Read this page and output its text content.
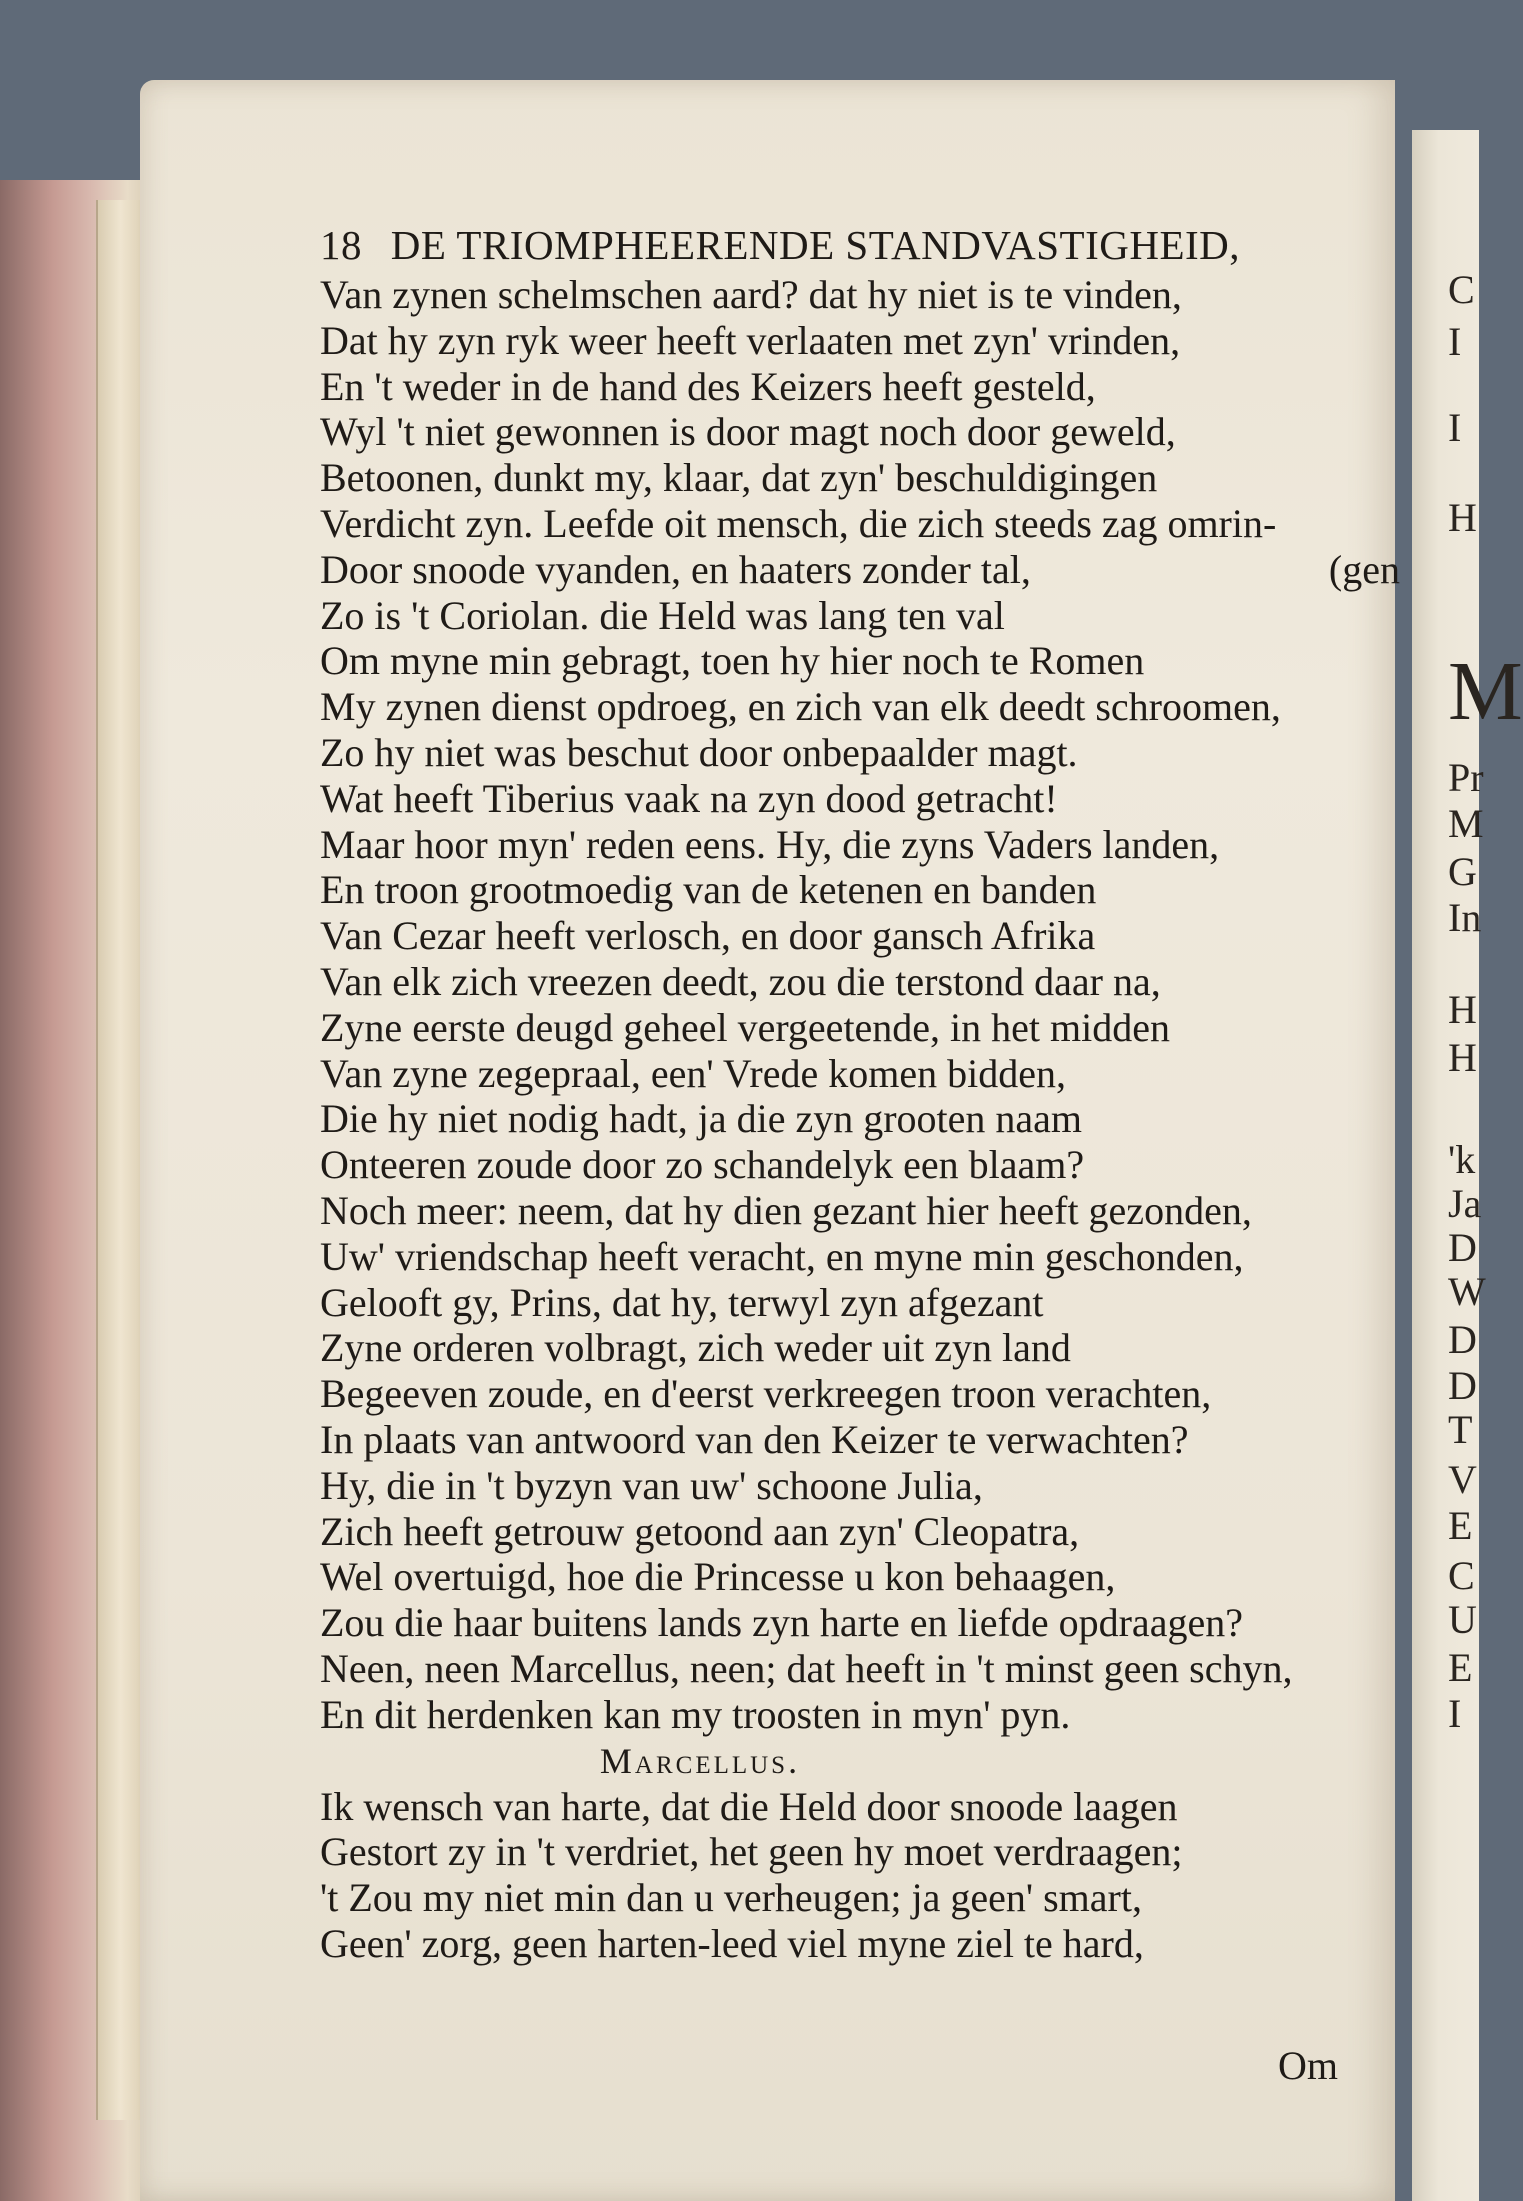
C
I
I
H
M
Pr
M
G
In
H
H
'k
Ja
D
W
D
D
T
V
E
C
U
E
I
18 DE TRIOMPHEERENDE STANDVASTIGHEID,
Van zynen schelmschen aard? dat hy niet is te vinden,
Dat hy zyn ryk weer heeft verlaaten met zyn' vrinden,
En 't weder in de hand des Keizers heeft gesteld,
Wyl 't niet gewonnen is door magt noch door geweld,
Betoonen, dunkt my, klaar, dat zyn' beschuldigingen
Verdicht zyn. Leefde oit mensch, die zich steeds zag omrin-
Door snoode vyanden, en haaters zonder tal,	(gen
Zo is 't Coriolan. die Held was lang ten val
Om myne min gebragt, toen hy hier noch te Romen
My zynen dienst opdroeg, en zich van elk deedt schroomen,
Zo hy niet was beschut door onbepaalder magt.
Wat heeft Tiberius vaak na zyn dood getracht!
Maar hoor myn' reden eens. Hy, die zyns Vaders landen,
En troon grootmoedig van de ketenen en banden
Van Cezar heeft verlosch, en door gansch Afrika
Van elk zich vreezen deedt, zou die terstond daar na,
Zyne eerste deugd geheel vergeetende, in het midden
Van zyne zegepraal, een' Vrede komen bidden,
Die hy niet nodig hadt, ja die zyn grooten naam
Onteeren zoude door zo schandelyk een blaam?
Noch meer: neem, dat hy dien gezant hier heeft gezonden,
Uw' vriendschap heeft veracht, en myne min geschonden,
Gelooft gy, Prins, dat hy, terwyl zyn afgezant
Zyne orderen volbragt, zich weder uit zyn land
Begeeven zoude, en d'eerst verkreegen troon verachten,
In plaats van antwoord van den Keizer te verwachten?
Hy, die in 't byzyn van uw' schoone Julia,
Zich heeft getrouw getoond aan zyn' Cleopatra,
Wel overtuigd, hoe die Princesse u kon behaagen,
Zou die haar buitens lands zyn harte en liefde opdraagen?
Neen, neen Marcellus, neen; dat heeft in 't minst geen schyn,
En dit herdenken kan my troosten in myn' pyn.
Marcellus.
Ik wensch van harte, dat die Held door snoode laagen
Gestort zy in 't verdriet, het geen hy moet verdraagen;
't Zou my niet min dan u verheugen; ja geen' smart,
Geen' zorg, geen harten-leed viel myne ziel te hard,
Om
